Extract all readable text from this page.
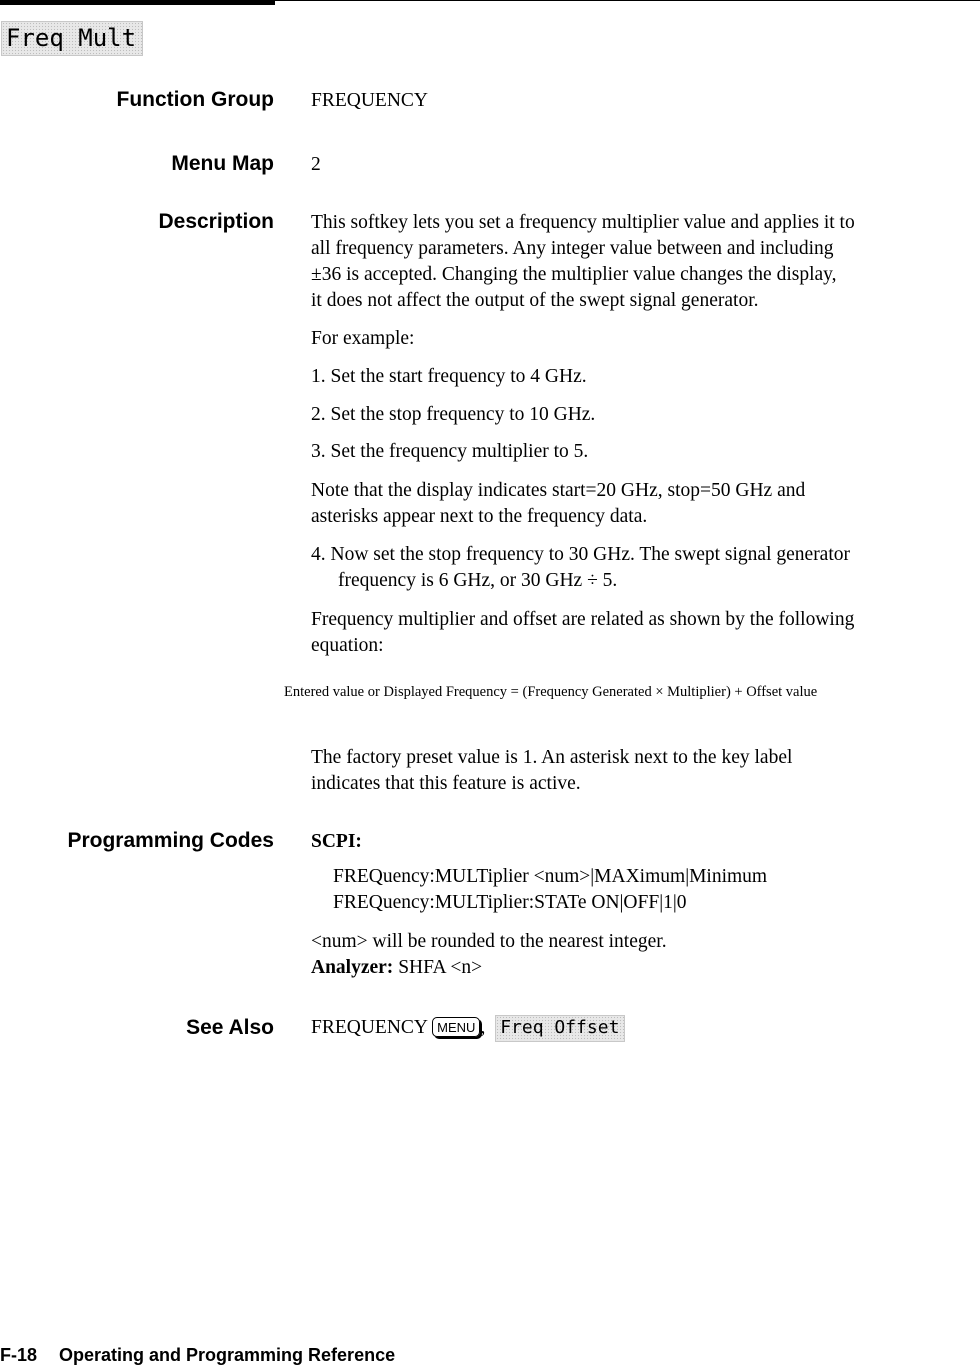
Freq Mult
Function Group FREQUENCY
Menu Map 2
Description This softkey lets you set a frequency multiplier value and applies it to
all frequency parameters. Any integer value between and including
±36 is accepted. Changing the multiplier value changes the display,
it does not affect the output of the swept signal generator.
For example:
1. Set the start frequency to 4 GHz.
2. Set the stop frequency to 10 GHz.
3. Set the frequency multiplier to 5.
Note that the display indicates start=20 GHz, stop=50 GHz and
asterisks appear next to the frequency data.
4. Now set the stop frequency to 30 GHz. The swept signal generator
frequency is 6 GHz, or 30 GHz ÷ 5.
Frequency multiplier and offset are related as shown by the following
equation:
Entered value or Displayed Frequency = (Frequency Generated × Multiplier) + Offset value
The factory preset value is 1. An asterisk next to the key label
indicates that this feature is active.
Programming Codes SCPI:
FREQuency:MULTiplier <num>|MAXimum|Minimum
FREQuency:MULTiplier:STATe ON|OFF|1|0
<num> will be rounded to the nearest integer.
Analyzer: SHFA <n>
See Also FREQUENCY MENU , Freq Offset
F-18 Operating and Programming Reference
